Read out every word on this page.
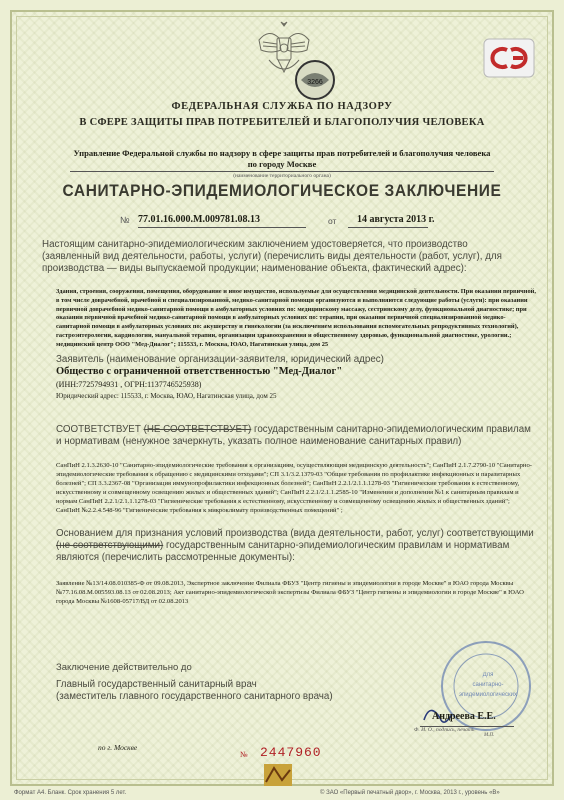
3266
ФЕДЕРАЛЬНАЯ СЛУЖБА ПО НАДЗОРУ
В СФЕРЕ ЗАЩИТЫ ПРАВ ПОТРЕБИТЕЛЕЙ И БЛАГОПОЛУЧИЯ ЧЕЛОВЕКА
Управление Федеральной службы по надзору в сфере защиты прав потребителей и благополучия человека
по городу Москве
(наименование территориального органа)
САНИТАРНО-ЭПИДЕМИОЛОГИЧЕСКОЕ ЗАКЛЮЧЕНИЕ
№ 77.01.16.000.М.009781.08.13	от 14 августа 2013 г.
Настоящим санитарно-эпидемиологическим заключением удостоверяется, что производство (заявленный вид деятельности, работы, услуги) (перечислить виды деятельности (работ, услуг), для производства — виды выпускаемой продукции; наименование объекта, фактический адрес):
Здания, строения, сооружения, помещения, оборудование и иное имущество, используемые для осуществления медицинской деятельности. При оказании первичной, в том числе доврачебной, врачебной и специализированной, медико-санитарной помощи организуются и выполняются следующие работы (услуги): при оказании первичной доврачебной медико-санитарной помощи в амбулаторных условиях по: медицинскому массажу, сестринскому делу, функциональной диагностике; при оказании первичной врачебной медико-санитарной помощи в амбулаторных условиях по: терапии, при оказании первичной специализированной медико-санитарной помощи в амбулаторных условиях по: акушерству и гинекологии (за исключением использования вспомогательных репродуктивных технологий), гастроэнтерологии, кардиологии, мануальной терапии, организации здравоохранения и общественному здоровью, функциональной диагностике, урологии.; медицинский центр ООО "Мед-Диалог"; 115533, г. Москва, ЮАО, Нагатинская улица, дом 25
Заявитель (наименование организации-заявителя, юридический адрес)
Общество с ограниченной ответственностью "Мед-Диалог"
(ИНН:7725794931 , ОГРН:1137746525938)
Юридический адрес: 115533, г. Москва, ЮАО, Нагатинская улица, дом 25
СООТВЕТСТВУЕТ (НЕ СООТВЕТСТВУЕТ) государственным санитарно-эпидемиологическим правилам и нормативам (ненужное зачеркнуть, указать полное наименование санитарных правил)
СанПиН 2.1.3.2630-10 "Санитарно-эпидемиологические требования к организациям, осуществляющим медицинскую деятельность"; СанПиН 2.1.7.2790-10 "Санитарно-эпидемиологические требования к обращению с медицинскими отходами"; СП 3.1/3.2.1379-03 "Общие требования по профилактике инфекционных и паразитарных болезней"; СП 3.3.2367-08 "Организация иммунопрофилактики инфекционных болезней"; СанПиН 2.2.1/2.1.1.1278-03 "Гигиенические требования к естественному, искусственному и совмещенному освещению жилых и общественных зданий"; СанПиН 2.2.1/2.1.1.2585-10 "Изменения и дополнения №1 к санитарным правилам и нормам СанПиН 2.2.1/2.1.1.1278-03 "Гигиенические требования к естественному, искусственному и совмещенному освещению жилых и общественных зданий"; СанПиН №2.2.4.548-96 "Гигиенические требования к микроклимату производственных помещений" ;
Основанием для признания условий производства (вида деятельности, работ, услуг) соответствующими (не соответствующими) государственным санитарно-эпидемиологическим правилам и нормативам являются (перечислить рассмотренные документы):
Заявление №13/14.08.010385-Ф от 09.08.2013, Экспертное заключение Филиала ФБУЗ "Центр гигиены и эпидемиологии в городе Москве" в ЮАО города Москвы №77.16.08.М.005593.08.13 от 02.08.2013; Акт санитарно-эпидемиологической экспертизы Филиала ФБУЗ "Центр гигиены и эпидемиологии в городе Москве" в ЮАО города Москвы №1608-05717/ВД от 02.08.2013
Заключение действительно до
Главный государственный санитарный врач
(заместитель главного государственного санитарного врача)
Для
санитарно-
эпидемиологических
Андреева Е.Е.
Ф. И. О., подпись, печать
М.П.
по г. Москве
№ 2447960
Формат А4. Бланк. Срок хранения 5 лет.	© ЗАО «Первый печатный двор», г. Москва, 2013 г., уровень «В»
